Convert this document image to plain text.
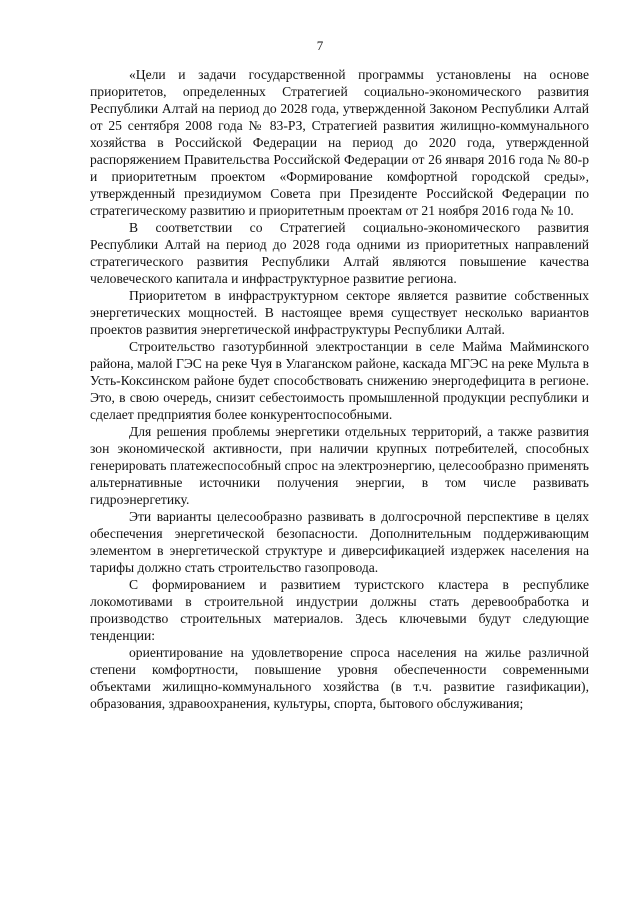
7

«Цели и задачи государственной программы установлены на основе приоритетов, определенных Стратегией социально-экономического развития Республики Алтай на период до 2028 года, утвержденной Законом Республики Алтай от 25 сентября 2008 года № 83-РЗ, Стратегией развития жилищно-коммунального хозяйства в Российской Федерации на период до 2020 года, утвержденной распоряжением Правительства Российской Федерации от 26 января 2016 года № 80-р и приоритетным проектом «Формирование комфортной городской среды», утвержденный президиумом Совета при Президенте Российской Федерации по стратегическому развитию и приоритетным проектам от 21 ноября 2016 года № 10.

В соответствии со Стратегией социально-экономического развития Республики Алтай на период до 2028 года одними из приоритетных направлений стратегического развития Республики Алтай являются повышение качества человеческого капитала и инфраструктурное развитие региона.

Приоритетом в инфраструктурном секторе является развитие собственных энергетических мощностей. В настоящее время существует несколько вариантов проектов развития энергетической инфраструктуры Республики Алтай.

Строительство газотурбинной электростанции в селе Майма Майминского района, малой ГЭС на реке Чуя в Улаганском районе, каскада МГЭС на реке Мульта в Усть-Коксинском районе будет способствовать снижению энергодефицита в регионе. Это, в свою очередь, снизит себестоимость промышленной продукции республики и сделает предприятия более конкурентоспособными.

Для решения проблемы энергетики отдельных территорий, а также развития зон экономической активности, при наличии крупных потребителей, способных генерировать платежеспособный спрос на электроэнергию, целесообразно применять альтернативные источники получения энергии, в том числе развивать гидроэнергетику.

Эти варианты целесообразно развивать в долгосрочной перспективе в целях обеспечения энергетической безопасности. Дополнительным поддерживающим элементом в энергетической структуре и диверсификацией издержек населения на тарифы должно стать строительство газопровода.

С формированием и развитием туристского кластера в республике локомотивами в строительной индустрии должны стать деревообработка и производство строительных материалов. Здесь ключевыми будут следующие тенденции:

ориентирование на удовлетворение спроса населения на жилье различной степени комфортности, повышение уровня обеспеченности современными объектами жилищно-коммунального хозяйства (в т.ч. развитие газификации), образования, здравоохранения, культуры, спорта, бытового обслуживания;
